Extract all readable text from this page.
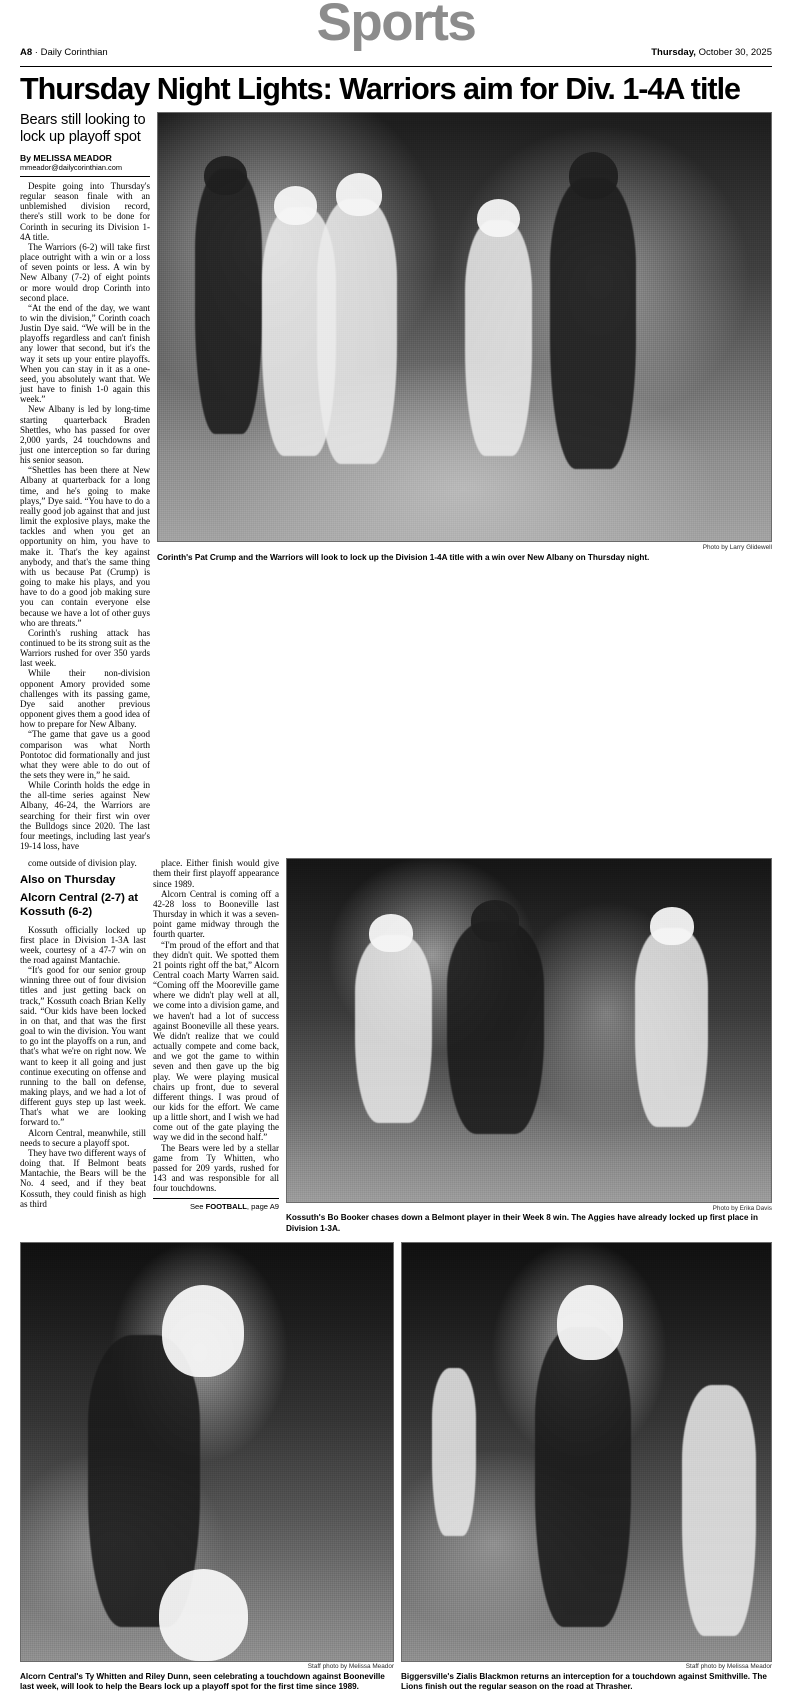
Sports
A8 · Daily Corinthian	Thursday, October 30, 2025
Thursday Night Lights: Warriors aim for Div. 1-4A title
Bears still looking to lock up playoff spot
By MELISSA MEADOR
mmeador@dailycorinthian.com

Despite going into Thursday's regular season finale with an unblemished division record, there's still work to be done for Corinth in securing its Division 1-4A title.

The Warriors (6-2) will take first place outright with a win or a loss of seven points or less. A win by New Albany (7-2) of eight points or more would drop Corinth into second place.

“At the end of the day, we want to win the division,” Corinth coach Justin Dye said. “We will be in the playoffs regardless and can't finish any lower that second, but it's the way it sets up your entire playoffs. When you can stay in it as a one-seed, you absolutely want that. We just have to finish 1-0 again this week.”

New Albany is led by long-time starting quarterback Braden Shettles, who has passed for over 2,000 yards, 24 touchdowns and just one interception so far during his senior season.

“Shettles has been there at New Albany at quarterback for a long time, and he's going to make plays,” Dye said. “You have to do a really good job against that and just limit the explosive plays, make the tackles and when you get an opportunity on him, you have to make it. That's the key against anybody, and that's the same thing with us because Pat (Crump) is going to make his plays, and you have to do a good job making sure you can contain everyone else because we have a lot of other guys who are threats.”

Corinth's rushing attack has continued to be its strong suit as the Warriors rushed for over 350 yards last week.

While their non-division opponent Amory provided some challenges with its passing game, Dye said another previous opponent gives them a good idea of how to prepare for New Albany.

“The game that gave us a good comparison was what North Pontotoc did formationally and just what they were able to do out of the sets they were in,” he said.

While Corinth holds the edge in the all-time series against New Albany, 46-24, the Warriors are searching for their first win over the Bulldogs since 2020. The last four meetings, including last year's 19-14 loss, have

Photo by Larry Glidewell
Corinth's Pat Crump and the Warriors will look to lock up the Division 1-4A title with a win over New Albany on Thursday night.

come outside of division play.

Also on Thursday
Alcorn Central (2-7) at Kossuth (6-2)

Kossuth officially locked up first place in Division 1-3A last week, courtesy of a 47-7 win on the road against Mantachie.

“It's good for our senior group winning three out of four division titles and just getting back on track,” Kossuth coach Brian Kelly said. “Our kids have been locked in on that, and that was the first goal to win the division. You want to go int the playoffs on a run, and that's what we're on right now. We want to keep it all going and just continue executing on offense and running to the ball on defense, making plays, and we had a lot of different guys step up last week. That's what we are looking forward to.”

Alcorn Central, meanwhile, still needs to secure a playoff spot.

They have two different ways of doing that. If Belmont beats Mantachie, the Bears will be the No. 4 seed, and if they beat Kossuth, they could finish as high as third

place. Either finish would give them their first playoff appearance since 1989.

Alcorn Central is coming off a 42-28 loss to Booneville last Thursday in which it was a seven-point game midway through the fourth quarter.

“I'm proud of the effort and that they didn't quit. We spotted them 21 points right off the bat,” Alcorn Central coach Marty Warren said. “Coming off the Mooreville game where we didn't play well at all, we come into a division game, and we haven't had a lot of success against Booneville all these years. We didn't realize that we could actually compete and come back, and we got the game to within seven and then gave up the big play. We were playing musical chairs up front, due to several different things. I was proud of our kids for the effort. We came up a little short, and I wish we had come out of the gate playing the way we did in the second half.”

The Bears were led by a stellar game from Ty Whitten, who passed for 209 yards, rushed for 143 and was responsible for all four touchdowns.

See FOOTBALL, page A9	Photo by Erika Davis
Kossuth's Bo Booker chases down a Belmont player in their Week 8 win. The Aggies have already locked up first place in Division 1-3A.
Staff photo by Melissa Meador
Alcorn Central's Ty Whitten and Riley Dunn, seen celebrating a touchdown against Booneville last week, will look to help the Bears lock up a playoff spot for the first time since 1989.
Staff photo by Melissa Meador
Biggersville's Zialis Blackmon returns an interception for a touchdown against Smithville. The Lions finish out the regular season on the road at Thrasher.
